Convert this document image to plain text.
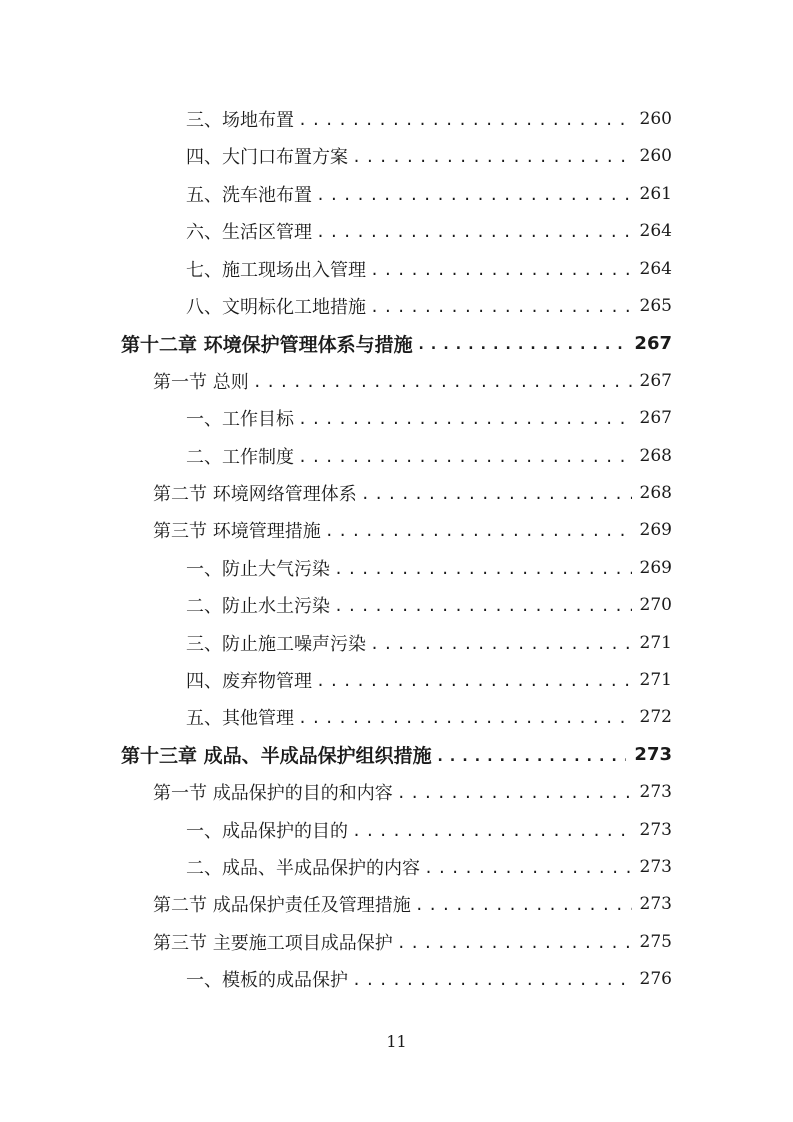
三、场地布置 .....	260
四、大门口布置方案 .....	260
五、洗车池布置 .....	261
六、生活区管理 .....	264
七、施工现场出入管理 .....	264
八、文明标化工地措施 .....	265
第十二章 环境保护管理体系与措施 .....	267
第一节 总则 .....	267
一、工作目标 .....	267
二、工作制度 .....	268
第二节 环境网络管理体系 .....	268
第三节 环境管理措施 .....	269
一、防止大气污染 .....	269
二、防止水土污染 .....	270
三、防止施工噪声污染 .....	271
四、废弃物管理 .....	271
五、其他管理 .....	272
第十三章 成品、半成品保护组织措施 .....	273
第一节 成品保护的目的和内容 .....	273
一、成品保护的目的 .....	273
二、成品、半成品保护的内容 .....	273
第二节 成品保护责任及管理措施 .....	273
第三节 主要施工项目成品保护 .....	275
一、模板的成品保护 .....	276
11
